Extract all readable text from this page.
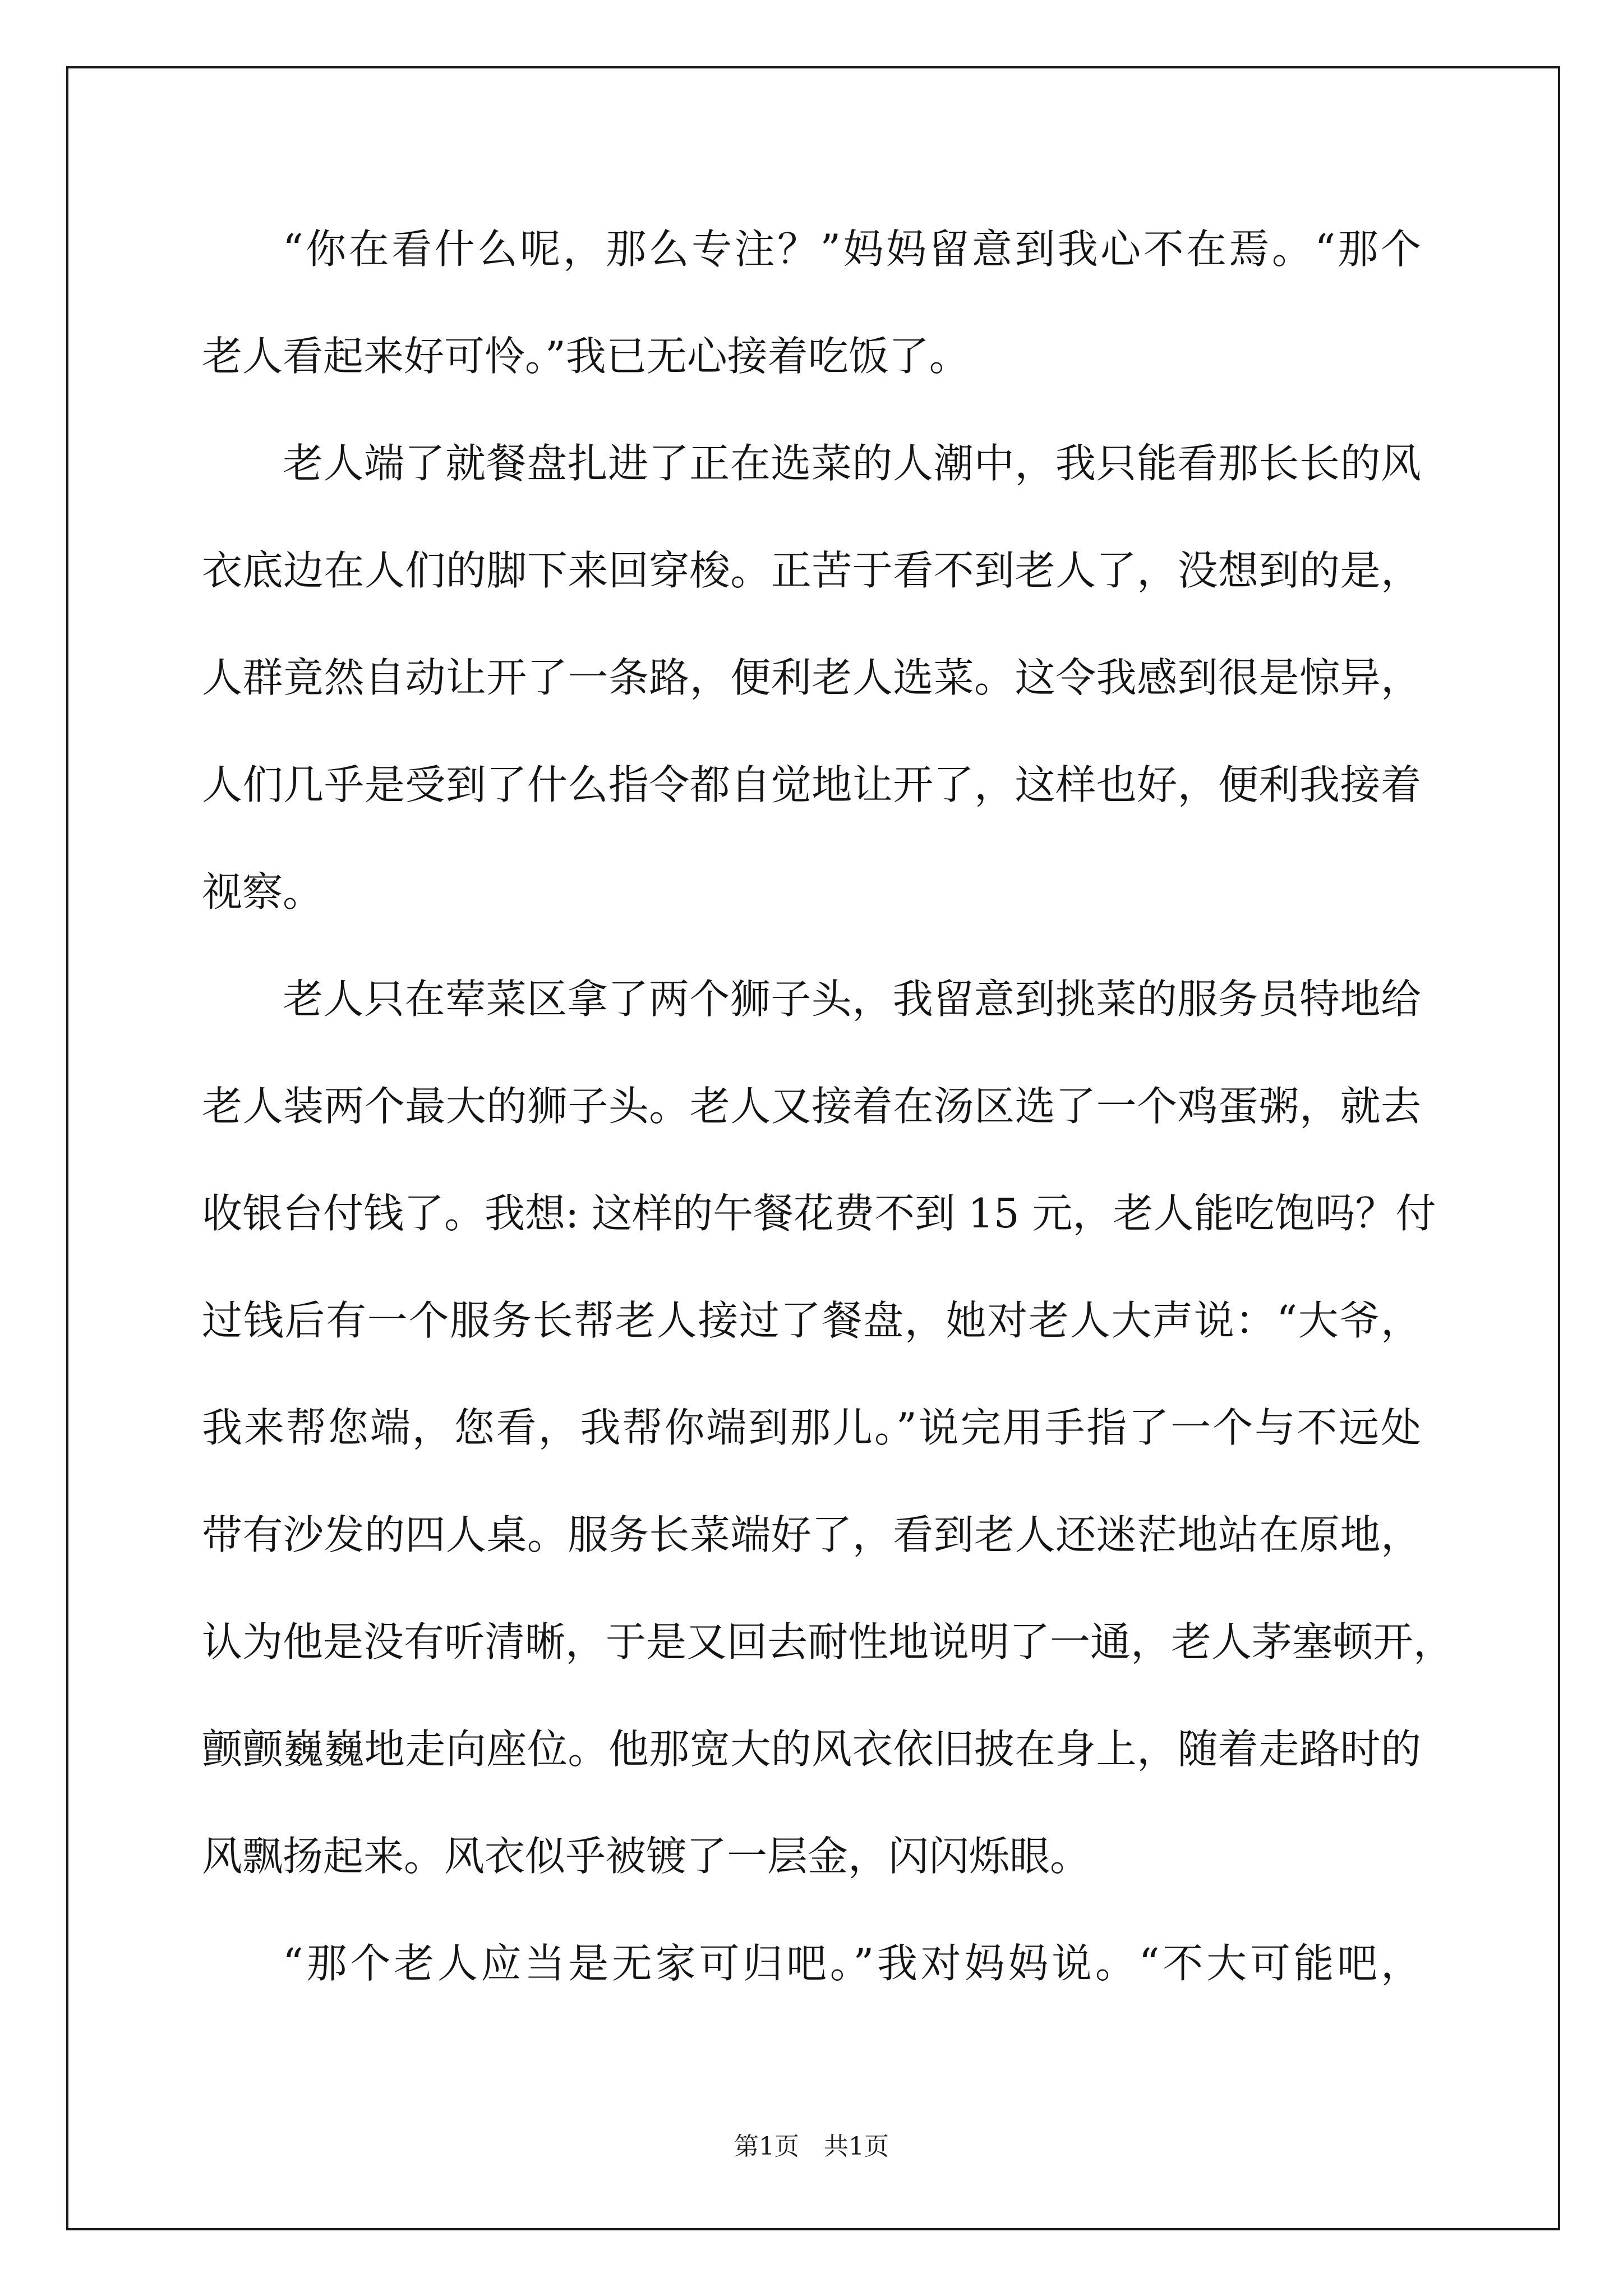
“你在看什么呢，那么专注？”妈妈留意到我心不在焉。“那个
老人看起来好可怜。”我已无心接着吃饭了。
老人端了就餐盘扎进了正在选菜的人潮中，我只能看那长长的风
衣底边在人们的脚下来回穿梭。正苦于看不到老人了，没想到的是，
人群竟然自动让开了一条路，便利老人选菜。这令我感到很是惊异，
人们几乎是受到了什么指令都自觉地让开了，这样也好，便利我接着
视察。
老人只在荤菜区拿了两个狮子头，我留意到挑菜的服务员特地给
老人装两个最大的狮子头。老人又接着在汤区选了一个鸡蛋粥，就去
收银台付钱了。我想: 这样的午餐花费不到 15 元，老人能吃饱吗？付
过钱后有一个服务长帮老人接过了餐盘，她对老人大声说：“大爷，
我来帮您端，您看，我帮你端到那儿。”说完用手指了一个与不远处
带有沙发的四人桌。服务长菜端好了，看到老人还迷茫地站在原地，
认为他是没有听清晰，于是又回去耐性地说明了一通，老人茅塞顿开，
颤颤巍巍地走向座位。他那宽大的风衣依旧披在身上，随着走路时的
风飘扬起来。风衣似乎被镀了一层金，闪闪烁眼。
“那个老人应当是无家可归吧。”我对妈妈说。“不大可能吧，
第1页 共1页
